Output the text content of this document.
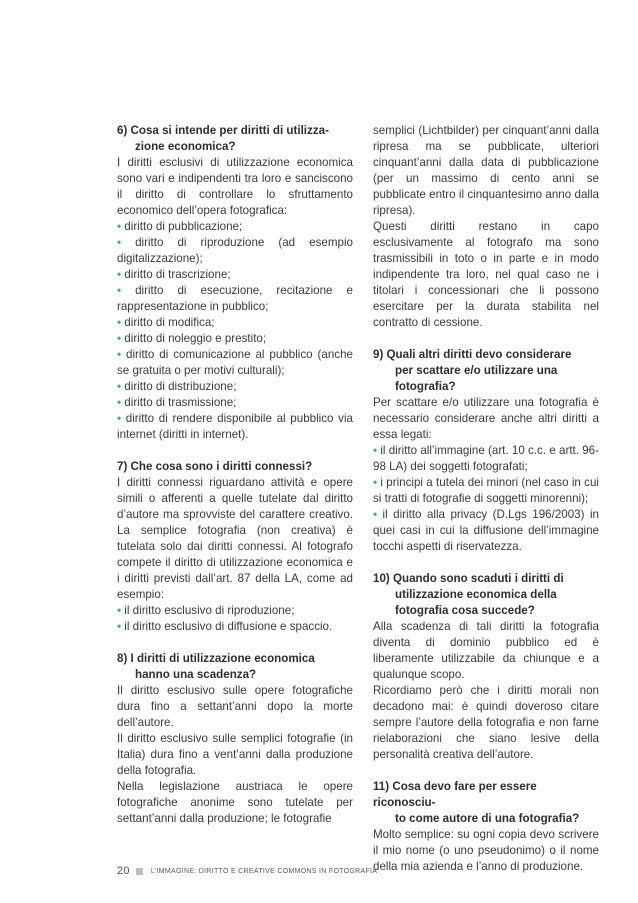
6) Cosa si intende per diritti di utilizza-
zione economica?

I diritti esclusivi di utilizzazione economica sono vari e indipendenti tra loro e sanciscono il diritto di controllare lo sfruttamento economico dell’opera fotografica:

• diritto di pubblicazione;
• diritto di riproduzione (ad esempio digitalizzazione);
• diritto di trascrizione;
• diritto di esecuzione, recitazione e rappresentazione in pubblico;
• diritto di modifica;
• diritto di noleggio e prestito;
• diritto di comunicazione al pubblico (anche se gratuita o per motivi culturali);
• diritto di distribuzione;
• diritto di trasmissione;
• diritto di rendere disponibile al pubblico via internet (diritti in internet).
7) Che cosa sono i diritti connessi?

I diritti connessi riguardano attività e opere simili o afferenti a quelle tutelate dal diritto d’autore ma sprovviste del carattere creativo. La semplice fotografia (non creativa) è tutelata solo dai diritti connessi. Al fotografo compete il diritto di utilizzazione economica e i diritti previsti dall’art. 87 della LA, come ad esempio:

• il diritto esclusivo di riproduzione;
• il diritto esclusivo di diffusione e spaccio.
8) I diritti di utilizzazione economica
hanno una scadenza?

Il diritto esclusivo sulle opere fotografiche dura fino a settant’anni dopo la morte dell’autore.

Il diritto esclusivo sulle semplici fotografie (in Italia) dura fino a vent’anni dalla produzione della fotografia.

Nella legislazione austriaca le opere fotografiche anonime sono tutelate per settant’anni dalla produzione; le fotografie

semplici (Lichtbilder) per cinquant’anni dalla ripresa ma se pubblicate, ulteriori cinquant’anni dalla data di pubblicazione (per un massimo di cento anni se pubblicate entro il cinquantesimo anno dalla ripresa).

Questi diritti restano in capo esclusivamente al fotografo ma sono trasmissibili in toto o in parte e in modo indipendente tra loro, nel qual caso ne i titolari i concessionari che li possono esercitare per la durata stabilita nel contratto di cessione.

9) Quali altri diritti devo considerare
per scattare e/o utilizzare una
fotografia?

Per scattare e/o utilizzare una fotografia è necessario considerare anche altri diritti a essa legati:

• il diritto all’immagine (art. 10 c.c. e artt. 96-98 LA) dei soggetti fotografati;
• i principi a tutela dei minori (nel caso in cui si tratti di fotografie di soggetti minorenni);
• il diritto alla privacy (D.Lgs 196/2003) in quei casi in cui la diffusione dell’immagine tocchi aspetti di riservatezza.
10) Quando sono scaduti i diritti di
utilizzazione economica della
fotografia cosa succede?

Alla scadenza di tali diritti la fotografia diventa di dominio pubblico ed è liberamente utilizzabile da chiunque e a qualunque scopo.

Ricordiamo però che i diritti morali non decadono mai: è quindi doveroso citare sempre l’autore della fotografia e non farne rielaborazioni che siano lesive della personalità creativa dell’autore.

11) Cosa devo fare per essere riconosciu-
to come autore di una fotografia?

Molto semplice: su ogni copia devo scrivere il mio nome (o uno pseudonimo) o il nome della mia azienda e l’anno di produzione.

20	L’IMMAGINE: DIRITTO E CREATIVE COMMONS IN FOTOGRAFIA
